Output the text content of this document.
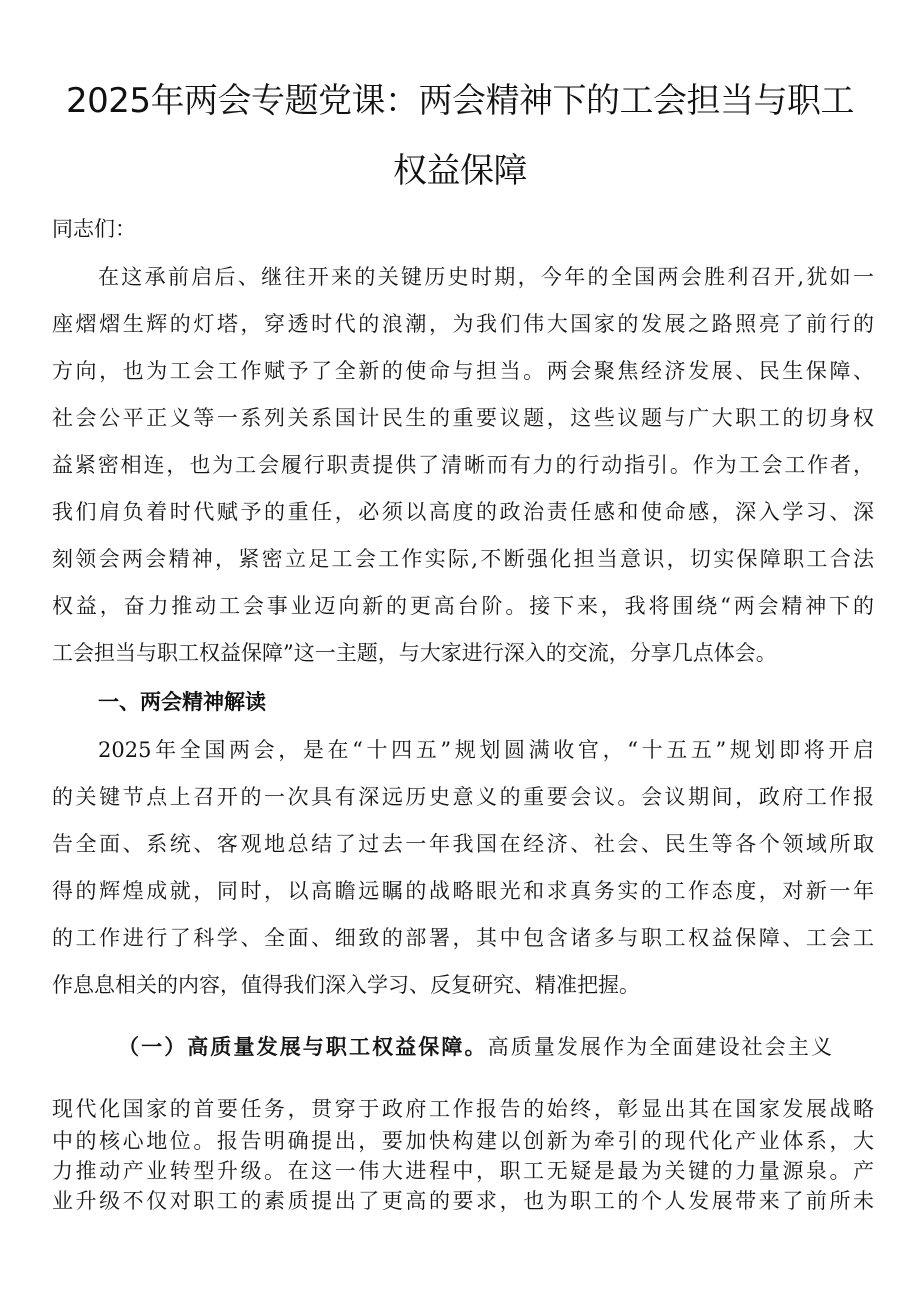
2025年两会专题党课：两会精神下的工会担当与职工
权益保障
同志们：
在这承前启后、继往开来的关键历史时期，今年的全国两会胜利召开,犹如一
座熠熠生辉的灯塔，穿透时代的浪潮，为我们伟大国家的发展之路照亮了前行的
方向，也为工会工作赋予了全新的使命与担当。两会聚焦经济发展、民生保障、
社会公平正义等一系列关系国计民生的重要议题，这些议题与广大职工的切身权
益紧密相连，也为工会履行职责提供了清晰而有力的行动指引。作为工会工作者，
我们肩负着时代赋予的重任，必须以高度的政治责任感和使命感，深入学习、深
刻领会两会精神，紧密立足工会工作实际,不断强化担当意识，切实保障职工合法
权益，奋力推动工会事业迈向新的更高台阶。接下来，我将围绕“两会精神下的
工会担当与职工权益保障”这一主题，与大家进行深入的交流，分享几点体会。
一、两会精神解读
2025年全国两会，是在“十四五”规划圆满收官，“十五五”规划即将开启
的关键节点上召开的一次具有深远历史意义的重要会议。会议期间，政府工作报
告全面、系统、客观地总结了过去一年我国在经济、社会、民生等各个领域所取
得的辉煌成就，同时，以高瞻远瞩的战略眼光和求真务实的工作态度，对新一年
的工作进行了科学、全面、细致的部署，其中包含诸多与职工权益保障、工会工
作息息相关的内容，值得我们深入学习、反复研究、精准把握。
（一）高质量发展与职工权益保障。高质量发展作为全面建设社会主义
现代化国家的首要任务，贯穿于政府工作报告的始终，彰显出其在国家发展战略
中的核心地位。报告明确提出，要加快构建以创新为牵引的现代化产业体系，大
力推动产业转型升级。在这一伟大进程中，职工无疑是最为关键的力量源泉。产
业升级不仅对职工的素质提出了更高的要求，也为职工的个人发展带来了前所未
